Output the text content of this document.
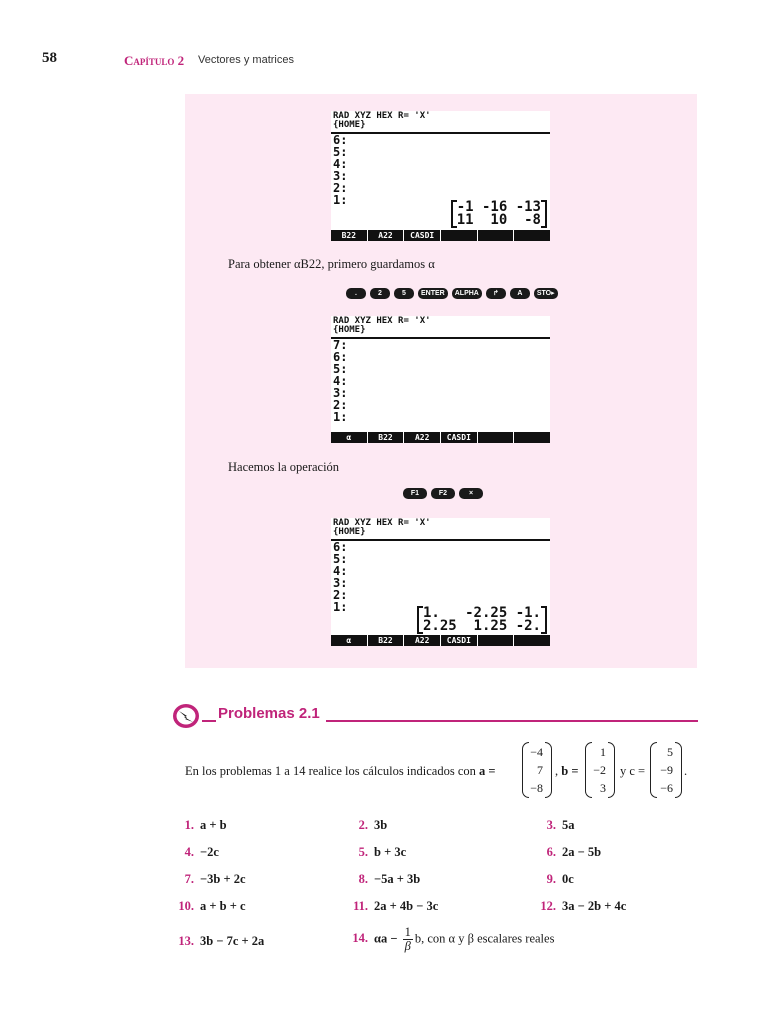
58	Capítulo 2 Vectores y matrices
RAD XYZ HEX R= 'X'
{HOME}
6:
5:
4:
3:
2:
1:	-1 -16 -13
11  10  -8
B22	A22	CASDI
Para obtener αB22, primero guardamos α
.	2	5	ENTER	ALPHA	↱	A	STO▸
RAD XYZ HEX R= 'X'
{HOME}
7:
6:
5:
4:
3:
2:
1:
α	B22	A22	CASDI
Hacemos la operación
F1	F2	×
RAD XYZ HEX R= 'X'
{HOME}
6:
5:
4:
3:
2:
1:	1.   -2.25 -1.
2.25  1.25 -2.
α	B22	A22	CASDI
Problemas 2.1
En los problemas 1 a 14 realice los cálculos indicados con a =
−4
7
−8
, b =
1
−2
3
y c =
5
−9
−6
.
1. a + b	2. 3b	3. 5a
4. −2c	5. b + 3c	6. 2a − 5b
7. −3b + 2c	8. −5a + 3b	9. 0c
10. a + b + c	11. 2a + 4b − 3c	12. 3a − 2b + 4c
13. 3b − 7c + 2a	14. $\alpha a - \frac{1}{\beta} b$, con α y β escalares reales
